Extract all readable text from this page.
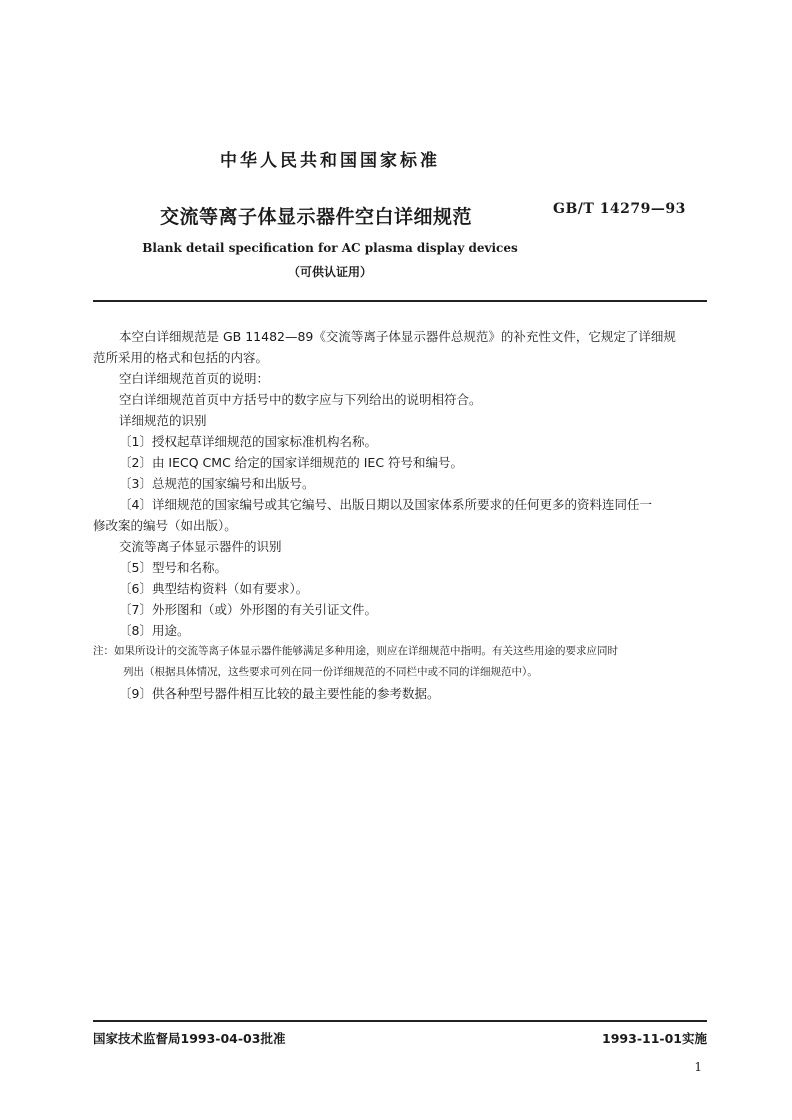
中华人民共和国国家标准
交流等离子体显示器件空白详细规范	GB/T 14279—93
Blank detail specification for AC plasma display devices
（可供认证用）

本空白详细规范是 GB 11482—89《交流等离子体显示器件总规范》的补充性文件，它规定了详细规

范所采用的格式和包括的内容。

空白详细规范首页的说明：

空白详细规范首页中方括号中的数字应与下列给出的说明相符合。

详细规范的识别

〔1〕授权起草详细规范的国家标准机构名称。

〔2〕由 IECQ CMC 给定的国家详细规范的 IEC 符号和编号。

〔3〕总规范的国家编号和出版号。

〔4〕详细规范的国家编号或其它编号、出版日期以及国家体系所要求的任何更多的资料连同任一

修改案的编号（如出版）。

交流等离子体显示器件的识别

〔5〕型号和名称。

〔6〕典型结构资料（如有要求）。

〔7〕外形图和（或）外形图的有关引证文件。

〔8〕用途。

注：如果所设计的交流等离子体显示器件能够满足多种用途，则应在详细规范中指明。有关这些用途的要求应同时

列出（根据具体情况，这些要求可列在同一份详细规范的不同栏中或不同的详细规范中）。

〔9〕供各种型号器件相互比较的最主要性能的参考数据。

国家技术监督局1993-04-03批准	1993-11-01实施
1
